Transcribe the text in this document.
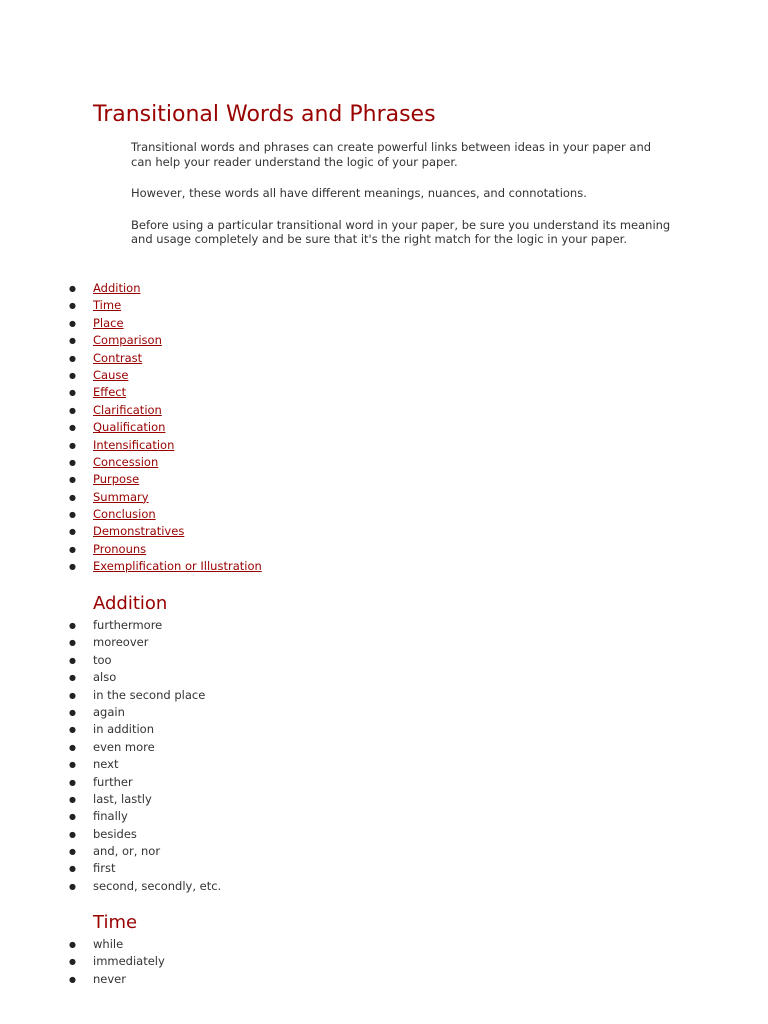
Transitional Words and Phrases

Transitional words and phrases can create powerful links between ideas in your paper and can help your reader understand the logic of your paper.

However, these words all have different meanings, nuances, and connotations.

Before using a particular transitional word in your paper, be sure you understand its meaning and usage completely and be sure that it's the right match for the logic in your paper.

● Addition
● Time
● Place
● Comparison
● Contrast
● Cause
● Effect
● Clarification
● Qualification
● Intensification
● Concession
● Purpose
● Summary
● Conclusion
● Demonstratives
● Pronouns
● Exemplification or Illustration
Addition
● furthermore
● moreover
● too
● also
● in the second place
● again
● in addition
● even more
● next
● further
● last, lastly
● finally
● besides
● and, or, nor
● first
● second, secondly, etc.
Time
● while
● immediately
● never
